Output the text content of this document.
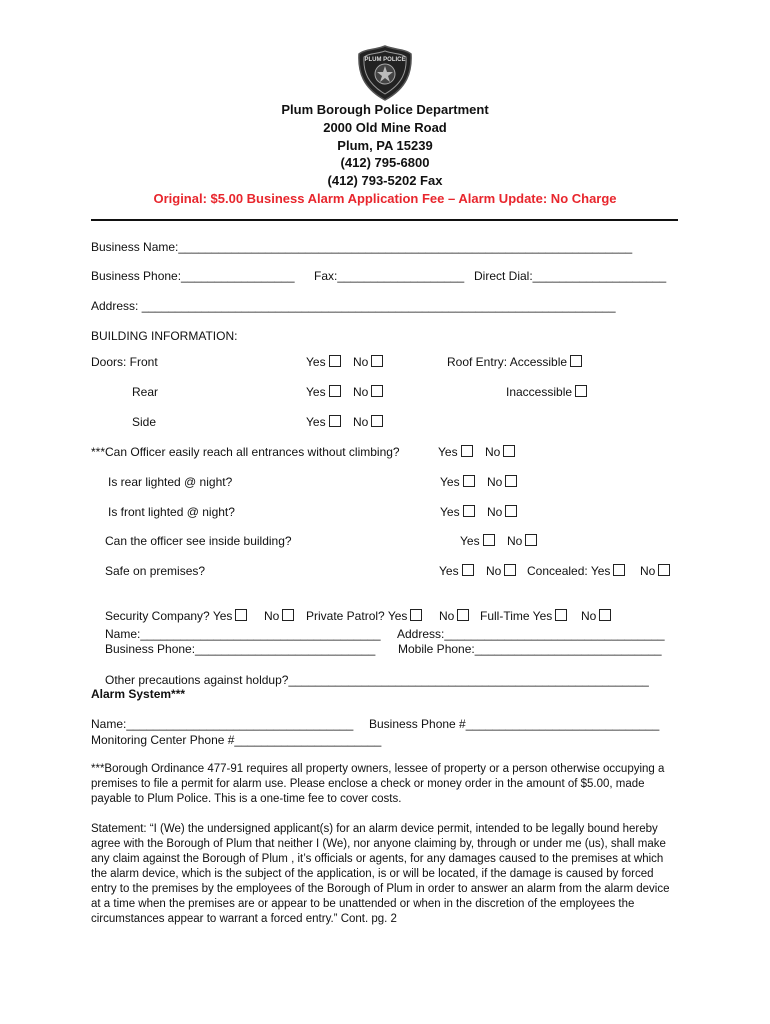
PLUM POLICE
Plum Borough Police Department
2000 Old Mine Road
Plum, PA 15239
(412) 795-6800
(412) 793-5202 Fax
Original: $5.00 Business Alarm Application Fee – Alarm Update: No Charge
Business Name:____________________________________________________________________
Business Phone:_________________ Fax:___________________ Direct Dial:____________________
Address: _______________________________________________________________________
BUILDING INFORMATION:
Doors: Front	Yes	No	Roof Entry: Accessible
Rear	Yes	No	Inaccessible
Side	Yes	No
***Can Officer easily reach all entrances without climbing?	Yes	No
Is rear lighted @ night?	Yes	No
Is front lighted @ night?	Yes	No
Can the officer see inside building?	Yes	No
Safe on premises?	Yes	No	Concealed: Yes	No
Security Company? Yes	No	Private Patrol? Yes	No	Full-Time Yes	No
Name:____________________________________ Address:_________________________________
Business Phone:___________________________ Mobile Phone:____________________________
Other precautions against holdup?______________________________________________________
Alarm System***
Name:__________________________________ Business Phone #_____________________________
Monitoring Center Phone #______________________
***Borough Ordinance 477-91 requires all property owners, lessee of property or a person otherwise occupying a premises to file a permit for alarm use. Please enclose a check or money order in the amount of $5.00, made payable to Plum Police. This is a one-time fee to cover costs.
Statement: “I (We) the undersigned applicant(s) for an alarm device permit, intended to be legally bound hereby agree with the Borough of Plum that neither I (We), nor anyone claiming by, through or under me (us), shall make any claim against the Borough of Plum , it’s officials or agents, for any damages caused to the premises at which the alarm device, which is the subject of the application, is or will be located, if the damage is caused by forced entry to the premises by the employees of the Borough of Plum in order to answer an alarm from the alarm device at a time when the premises are or appear to be unattended or when in the discretion of the employees the circumstances appear to warrant a forced entry.” Cont. pg. 2
